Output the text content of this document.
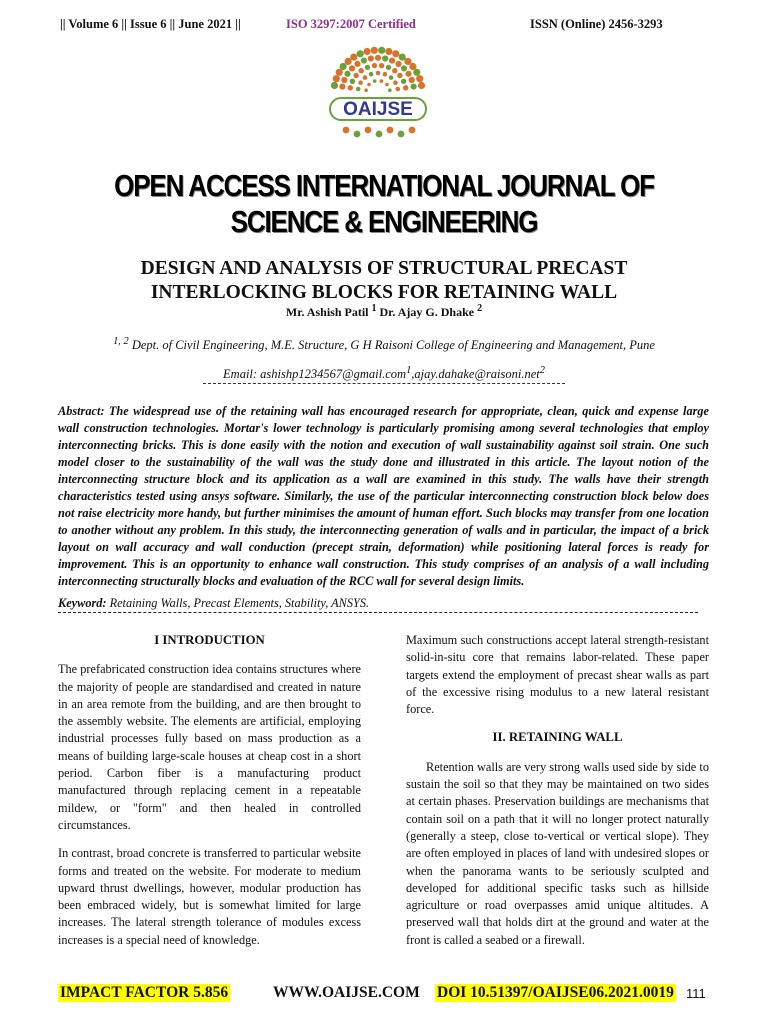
|| Volume 6 || Issue 6 || June 2021 ||	ISO 3297:2007 Certified	ISSN (Online) 2456-3293
OAIJSE
OPEN ACCESS INTERNATIONAL JOURNAL OF SCIENCE & ENGINEERING
DESIGN AND ANALYSIS OF STRUCTURAL PRECAST
INTERLOCKING BLOCKS FOR RETAINING WALL
Mr. Ashish Patil $^1$ Dr. Ajay G. Dhake $^2$
$^{1, 2}$ Dept. of Civil Engineering, M.E. Structure, G H Raisoni College of Engineering and Management, Pune
Email: ashishp1234567@gmail.com$^1$,ajay.dahake@raisoni.net$^2$

Abstract: The widespread use of the retaining wall has encouraged research for appropriate, clean, quick and expense large wall construction technologies. Mortar's lower technology is particularly promising among several technologies that employ interconnecting bricks. This is done easily with the notion and execution of wall sustainability against soil strain. One such model closer to the sustainability of the wall was the study done and illustrated in this article. The layout notion of the interconnecting structure block and its application as a wall are examined in this study. The walls have their strength characteristics tested using ansys software. Similarly, the use of the particular interconnecting construction block below does not raise electricity more handy, but further minimises the amount of human effort. Such blocks may transfer from one location to another without any problem. In this study, the interconnecting generation of walls and in particular, the impact of a brick layout on wall accuracy and wall conduction (precept strain, deformation) while positioning lateral forces is ready for improvement. This is an opportunity to enhance wall construction. This study comprises of an analysis of a wall including interconnecting structurally blocks and evaluation of the RCC wall for several design limits.

Keyword: Retaining Walls, Precast Elements, Stability, ANSYS.
I INTRODUCTION

The prefabricated construction idea contains structures where the majority of people are standardised and created in nature in an area remote from the building, and are then brought to the assembly website. The elements are artificial, employing industrial processes fully based on mass production as a means of building large-scale houses at cheap cost in a short period. Carbon fiber is a manufacturing product manufactured through replacing cement in a repeatable mildew, or "form" and then healed in controlled circumstances.

In contrast, broad concrete is transferred to particular website forms and treated on the website. For moderate to medium upward thrust dwellings, however, modular production has been embraced widely, but is somewhat limited for large increases. The lateral strength tolerance of modules excess increases is a special need of knowledge.

Maximum such constructions accept lateral strength-resistant solid-in-situ core that remains labor-related. These paper targets extend the employment of precast shear walls as part of the excessive rising modulus to a new lateral resistant force.

II. RETAINING WALL

Retention walls are very strong walls used side by side to sustain the soil so that they may be maintained on two sides at certain phases. Preservation buildings are mechanisms that contain soil on a path that it will no longer protect naturally (generally a steep, close to-vertical or vertical slope). They are often employed in places of land with undesired slopes or when the panorama wants to be seriously sculpted and developed for additional specific tasks such as hillside agriculture or road overpasses amid unique altitudes. A preserved wall that holds dirt at the ground and water at the front is called a seabed or a firewall.

IMPACT FACTOR 5.856	WWW.OAIJSE.COM DOI 10.51397/OAIJSE06.2021.0019 111
